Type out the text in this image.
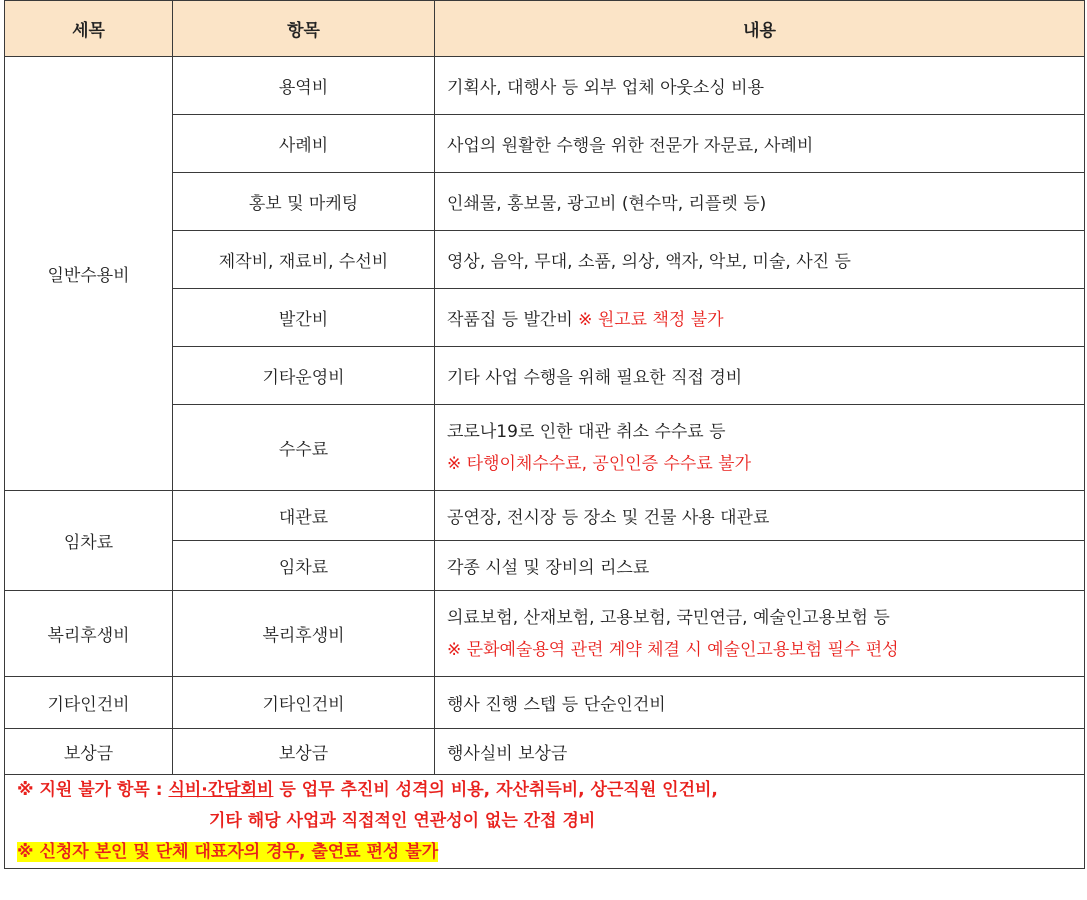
세목	항목	내용
일반수용비	용역비	기획사, 대행사 등 외부 업체 아웃소싱 비용
	사례비	사업의 원활한 수행을 위한 전문가 자문료, 사례비
	홍보 및 마케팅	인쇄물, 홍보물, 광고비 (현수막, 리플렛 등)
	제작비, 재료비, 수선비	영상, 음악, 무대, 소품, 의상, 액자, 악보, 미술, 사진 등
	발간비	작품집 등 발간비 ※ 원고료 책정 불가
	기타운영비	기타 사업 수행을 위해 필요한 직접 경비
	수수료	코로나19로 인한 대관 취소 수수료 등
※ 타행이체수수료, 공인인증 수수료 불가

임차료	대관료	공연장, 전시장 등 장소 및 건물 사용 대관료
	임차료	각종 시설 및 장비의 리스료
복리후생비	복리후생비	의료보험, 산재보험, 고용보험, 국민연금, 예술인고용보험 등
※ 문화예술용역 관련 계약 체결 시 예술인고용보험 필수 편성

기타인건비	기타인건비	행사 진행 스텝 등 단순인건비
보상금	보상금	행사실비 보상금

※ 지원 불가 항목 : 식비·간담회비 등 업무 추진비 성격의 비용, 자산취득비, 상근직원 인건비,
기타 해당 사업과 직접적인 연관성이 없는 간접 경비
※ 신청자 본인 및 단체 대표자의 경우, 출연료 편성 불가		
